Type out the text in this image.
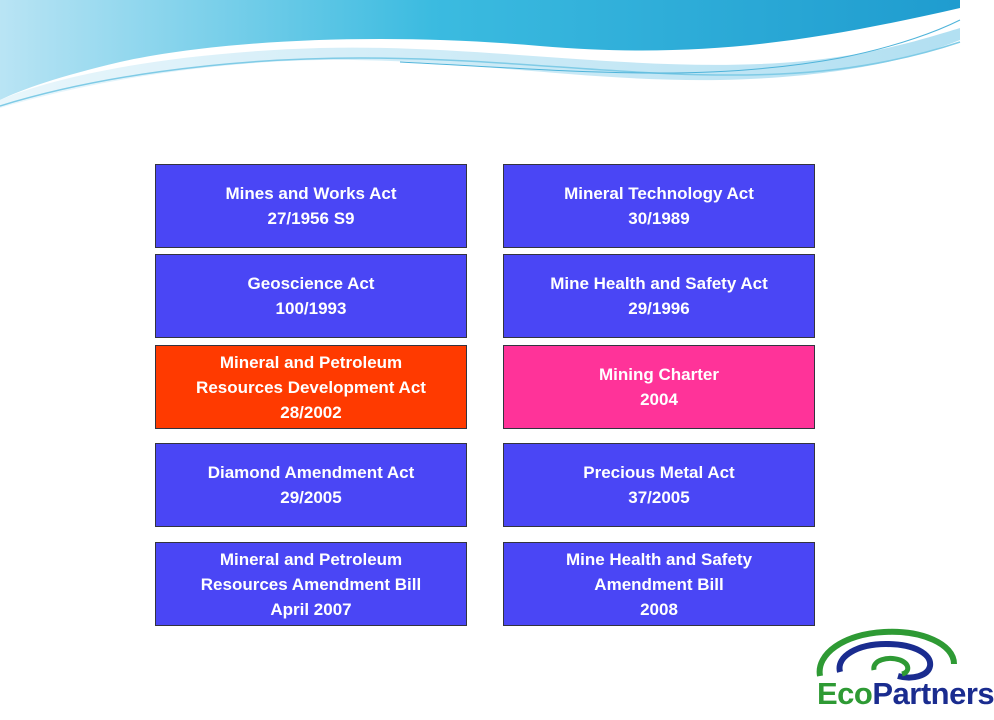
Mines and Works Act
27/1956 S9
Mineral Technology Act
30/1989
Geoscience Act
100/1993
Mine Health and Safety Act
29/1996
Mineral and Petroleum
Resources Development Act
28/2002
Mining Charter
2004
Diamond Amendment Act
29/2005
Precious Metal Act
37/2005
Mineral and Petroleum
Resources Amendment Bill
April 2007
Mine Health and Safety
Amendment Bill
2008
EcoPartners
